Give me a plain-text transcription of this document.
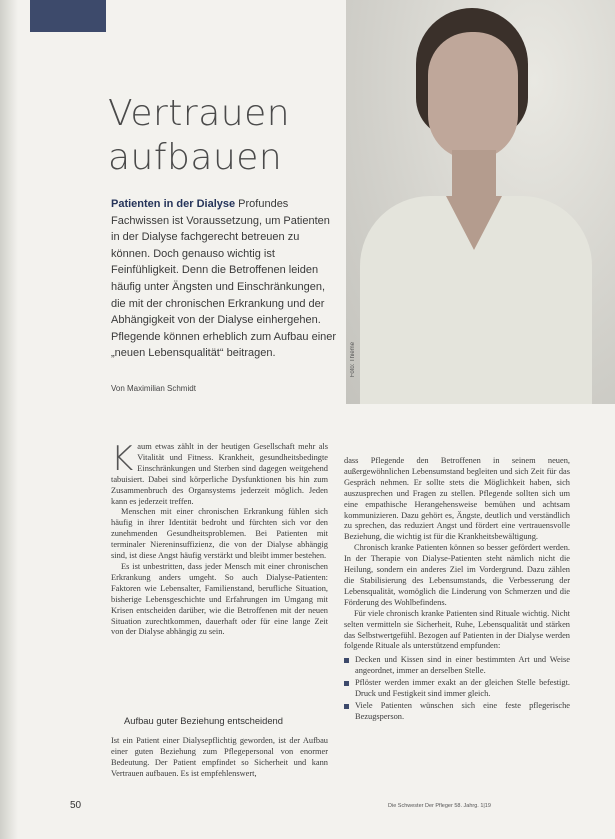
Vertrauen
aufbauen
Patienten in der Dialyse Profundes Fachwissen ist Voraussetzung, um Patienten in der Dialyse fachgerecht betreuen zu können. Doch genauso wichtig ist Feinfühligkeit. Denn die Betroffenen leiden häufig unter Ängsten und Einschränkungen, die mit der chronischen Erkrankung und der Abhängigkeit von der Dialyse einhergehen. Pflegende können erheblich zum Aufbau einer „neuen Lebensqualität“ beitragen.
Von Maximilian Schmidt
Foto: Thieme

Kaum etwas zählt in der heutigen Gesellschaft mehr als Vitalität und Fitness. Krankheit, gesundheitsbedingte Einschränkungen und Sterben sind dagegen weitgehend tabuisiert. Dabei sind körperliche Dysfunktionen bis hin zum Zusammenbruch des Organsystems jederzeit möglich. Jeden kann es jederzeit treffen.

Menschen mit einer chronischen Erkrankung fühlen sich häufig in ihrer Identität bedroht und fürchten sich vor den zunehmenden Gesundheitsproblemen. Bei Patienten mit terminaler Niereninsuffizienz, die von der Dialyse abhängig sind, ist diese Angst häufig verstärkt und bleibt immer bestehen.

Es ist unbestritten, dass jeder Mensch mit einer chronischen Erkrankung anders umgeht. So auch Dialyse-Patienten: Faktoren wie Lebensalter, Familienstand, berufliche Situation, bisherige Lebensgeschichte und Erfahrungen im Umgang mit Krisen entscheiden darüber, wie die Betroffenen mit der neuen Situation zurechtkommen, dauerhaft oder für eine lange Zeit von der Dialyse abhängig zu sein.

Aufbau guter Beziehung entscheidend

Ist ein Patient einer Dialysepflichtig geworden, ist der Aufbau einer guten Beziehung zum Pflegepersonal von enormer Bedeutung. Der Patient empfindet so Sicherheit und kann Vertrauen aufbauen. Es ist empfehlenswert,

dass Pflegende den Betroffenen in seinem neuen, außergewöhnlichen Lebensumstand begleiten und sich Zeit für das Gespräch nehmen. Er sollte stets die Möglichkeit haben, sich auszusprechen und Fragen zu stellen. Pflegende sollten sich um eine empathische Herangehensweise bemühen und achtsam kommunizieren. Dazu gehört es, Ängste, deutlich und verständlich zu sprechen, das reduziert Angst und fördert eine vertrauensvolle Beziehung, die wichtig ist für die Krankheitsbewältigung.

Chronisch kranke Patienten können so besser gefördert werden. In der Therapie von Dialyse-Patienten steht nämlich nicht die Heilung, sondern ein anderes Ziel im Vordergrund. Dazu zählen die Stabilisierung des Lebensumstands, die Verbesserung der Lebensqualität, womöglich die Linderung von Schmerzen und die Förderung des Wohlbefindens.

Für viele chronisch kranke Patienten sind Rituale wichtig. Nicht selten vermitteln sie Sicherheit, Ruhe, Lebensqualität und stärken das Selbstwertgefühl. Bezogen auf Patienten in der Dialyse werden folgende Rituale als unterstützend empfunden:

Decken und Kissen sind in einer bestimmten Art und Weise angeordnet, immer an derselben Stelle.
Pflöster werden immer exakt an der gleichen Stelle befestigt. Druck und Festigkeit sind immer gleich.
Viele Patienten wünschen sich eine feste pflegerische Bezugsperson.
50	Die Schwester Der Pfleger 58. Jahrg. 1|19
